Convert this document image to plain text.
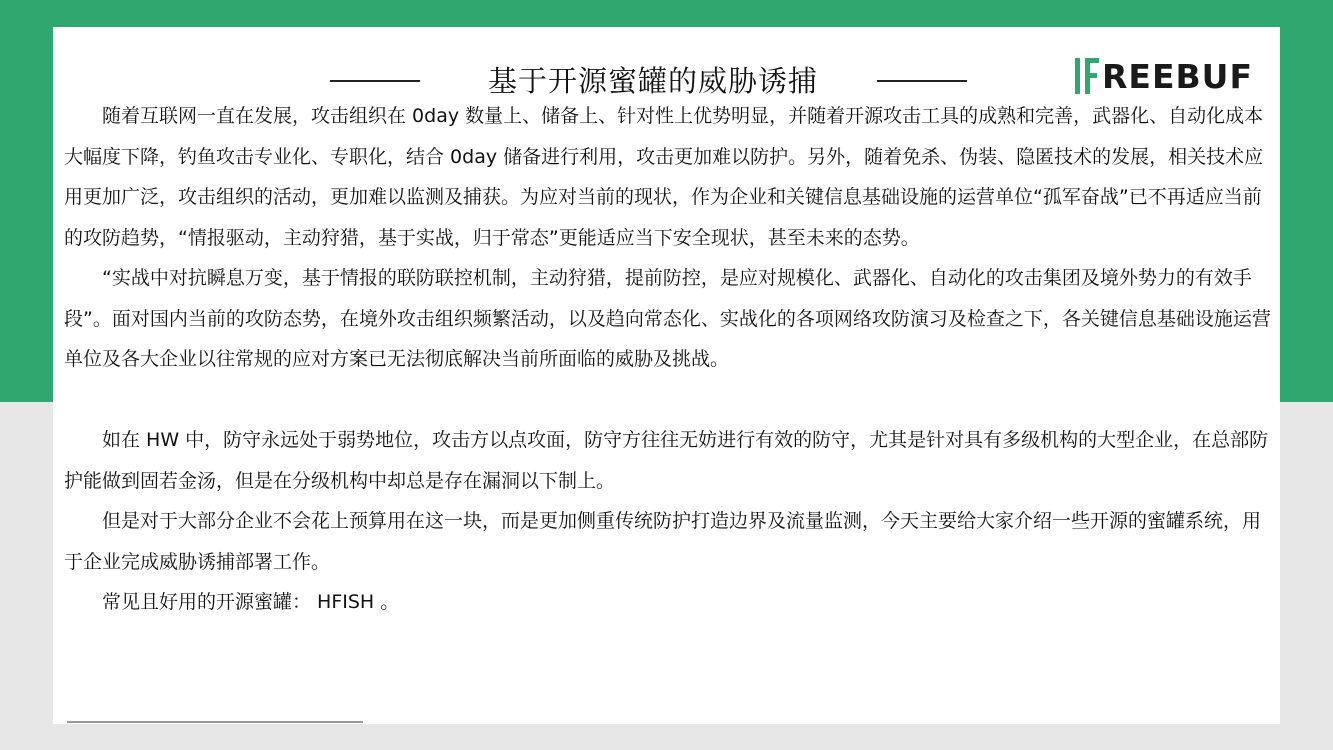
基于开源蜜罐的威胁诱捕	REEBUF

随着互联网一直在发展，攻击组织在 0day 数量上、储备上、针对性上优势明显，并随着开源攻击工具的成熟和完善，武器化、自动化成本大幅度下降，钓鱼攻击专业化、专职化，结合 0day 储备进行利用，攻击更加难以防护。另外，随着免杀、伪装、隐匿技术的发展，相关技术应用更加广泛，攻击组织的活动，更加难以监测及捕获。为应对当前的现状，作为企业和关键信息基础设施的运营单位“孤军奋战”已不再适应当前的攻防趋势，“情报驱动，主动狩猎，基于实战，归于常态”更能适应当下安全现状，甚至未来的态势。

“实战中对抗瞬息万变，基于情报的联防联控机制，主动狩猎，提前防控，是应对规模化、武器化、自动化的攻击集团及境外势力的有效手段”。面对国内当前的攻防态势，在境外攻击组织频繁活动，以及趋向常态化、实战化的各项网络攻防演习及检查之下，各关键信息基础设施运营单位及各大企业以往常规的应对方案已无法彻底解决当前所面临的威胁及挑战。

如在 HW 中，防守永远处于弱势地位，攻击方以点攻面，防守方往往无妨进行有效的防守，尤其是针对具有多级机构的大型企业，在总部防护能做到固若金汤，但是在分级机构中却总是存在漏洞以下制上。

但是对于大部分企业不会花上预算用在这一块，而是更加侧重传统防护打造边界及流量监测，今天主要给大家介绍一些开源的蜜罐系统，用于企业完成威胁诱捕部署工作。

常见且好用的开源蜜罐： HFISH 。
